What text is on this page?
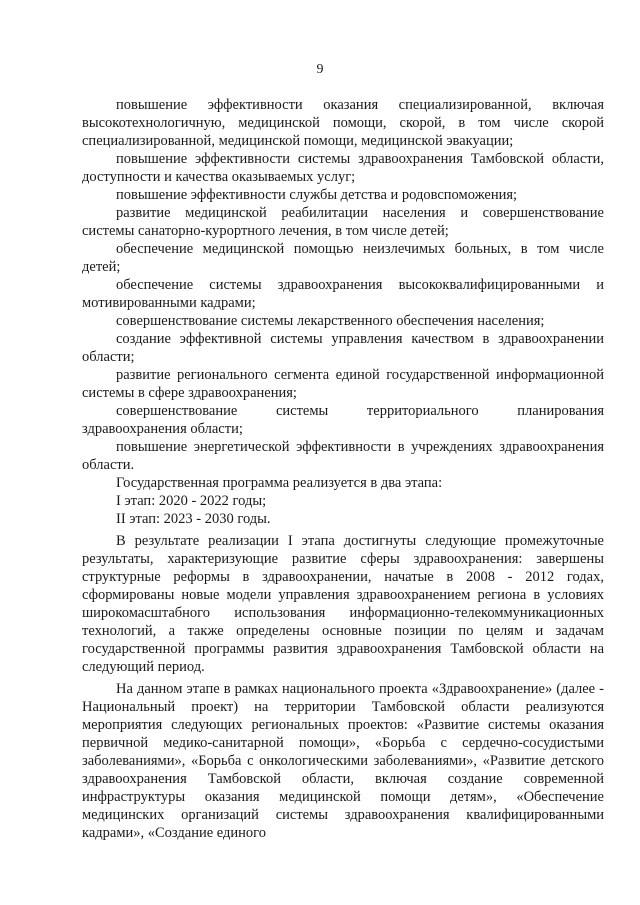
9

повышение эффективности оказания специализированной, включая высокотехнологичную, медицинской помощи, скорой, в том числе скорой специализированной, медицинской помощи, медицинской эвакуации;

повышение эффективности системы здравоохранения Тамбовской области, доступности и качества оказываемых услуг;

повышение эффективности службы детства и родовспоможения;

развитие медицинской реабилитации населения и совершенствование системы санаторно-курортного лечения, в том числе детей;

обеспечение медицинской помощью неизлечимых больных, в том числе детей;

обеспечение системы здравоохранения высококвалифицированными и мотивированными кадрами;

совершенствование системы лекарственного обеспечения населения;

создание эффективной системы управления качеством в здравоохранении области;

развитие регионального сегмента единой государственной информационной системы в сфере здравоохранения;

совершенствование системы территориального планирования здравоохранения области;

повышение энергетической эффективности в учреждениях здравоохранения области.

Государственная программа реализуется в два этапа:

I этап: 2020 - 2022 годы;

II этап: 2023 - 2030 годы.

В результате реализации I этапа достигнуты следующие промежуточные результаты, характеризующие развитие сферы здравоохранения: завершены структурные реформы в здравоохранении, начатые в 2008 - 2012 годах, сформированы новые модели управления здравоохранением региона в условиях широкомасштабного использования информационно-телекоммуникационных технологий, а также определены основные позиции по целям и задачам государственной программы развития здравоохранения Тамбовской области на следующий период.

На данном этапе в рамках национального проекта «Здравоохранение» (далее - Национальный проект) на территории Тамбовской области реализуются мероприятия следующих региональных проектов: «Развитие системы оказания первичной медико-санитарной помощи», «Борьба с сердечно-сосудистыми заболеваниями», «Борьба с онкологическими заболеваниями», «Развитие детского здравоохранения Тамбовской области, включая создание современной инфраструктуры оказания медицинской помощи детям», «Обеспечение медицинских организаций системы здравоохранения квалифицированными кадрами», «Создание единого
